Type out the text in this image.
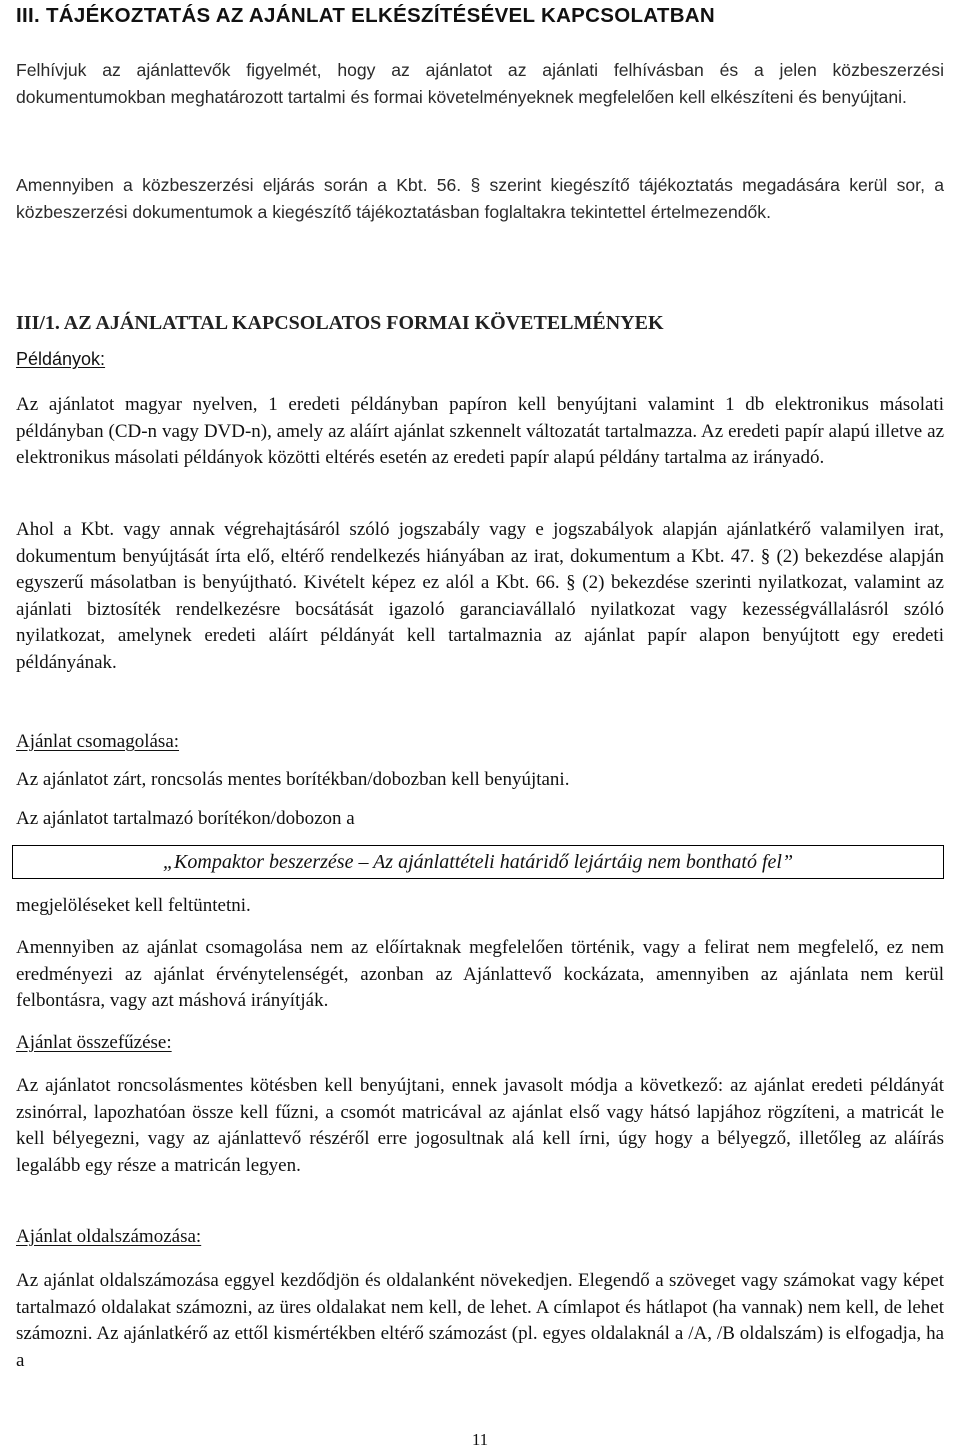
III. TÁJÉKOZTATÁS AZ AJÁNLAT ELKÉSZÍTÉSÉVEL KAPCSOLATBAN

Felhívjuk az ajánlattevők figyelmét, hogy az ajánlatot az ajánlati felhívásban és a jelen közbeszerzési dokumentumokban meghatározott tartalmi és formai követelményeknek megfelelően kell elkészíteni és benyújtani.

Amennyiben a közbeszerzési eljárás során a Kbt. 56. § szerint kiegészítő tájékoztatás megadására kerül sor, a közbeszerzési dokumentumok a kiegészítő tájékoztatásban foglaltakra tekintettel értelmezendők.

III/1. AZ AJÁNLATTAL KAPCSOLATOS FORMAI KÖVETELMÉNYEK
Példányok:

Az ajánlatot magyar nyelven, 1 eredeti példányban papíron kell benyújtani valamint 1 db elektronikus másolati példányban (CD-n vagy DVD-n), amely az aláírt ajánlat szkennelt változatát tartalmazza. Az eredeti papír alapú illetve az elektronikus másolati példányok közötti eltérés esetén az eredeti papír alapú példány tartalma az irányadó.

Ahol a Kbt. vagy annak végrehajtásáról szóló jogszabály vagy e jogszabályok alapján ajánlatkérő valamilyen irat, dokumentum benyújtását írta elő, eltérő rendelkezés hiányában az irat, dokumentum a Kbt. 47. § (2) bekezdése alapján egyszerű másolatban is benyújtható. Kivételt képez ez alól a Kbt. 66. § (2) bekezdése szerinti nyilatkozat, valamint az ajánlati biztosíték rendelkezésre bocsátását igazoló garanciavállaló nyilatkozat vagy kezességvállalásról szóló nyilatkozat, amelynek eredeti aláírt példányát kell tartalmaznia az ajánlat papír alapon benyújtott egy eredeti példányának.

Ajánlat csomagolása:
Az ajánlatot zárt, roncsolás mentes borítékban/dobozban kell benyújtani.
Az ajánlatot tartalmazó borítékon/dobozon a
„Kompaktor beszerzése – Az ajánlattételi határidő lejártáig nem bontható fel”
megjelöléseket kell feltüntetni.

Amennyiben az ajánlat csomagolása nem az előírtaknak megfelelően történik, vagy a felirat nem megfelelő, ez nem eredményezi az ajánlat érvénytelenségét, azonban az Ajánlattevő kockázata, amennyiben az ajánlata nem kerül felbontásra, vagy azt máshová irányítják.

Ajánlat összefűzése:

Az ajánlatot roncsolásmentes kötésben kell benyújtani, ennek javasolt módja a következő: az ajánlat eredeti példányát zsinórral, lapozhatóan össze kell fűzni, a csomót matricával az ajánlat első vagy hátsó lapjához rögzíteni, a matricát le kell bélyegezni, vagy az ajánlattevő részéről erre jogosultnak alá kell írni, úgy hogy a bélyegző, illetőleg az aláírás legalább egy része a matricán legyen.

Ajánlat oldalszámozása:

Az ajánlat oldalszámozása eggyel kezdődjön és oldalanként növekedjen. Elegendő a szöveget vagy számokat vagy képet tartalmazó oldalakat számozni, az üres oldalakat nem kell, de lehet. A címlapot és hátlapot (ha vannak) nem kell, de lehet számozni. Az ajánlatkérő az ettől kismértékben eltérő számozást (pl. egyes oldalaknál a /A, /B oldalszám) is elfogadja, ha a

11
